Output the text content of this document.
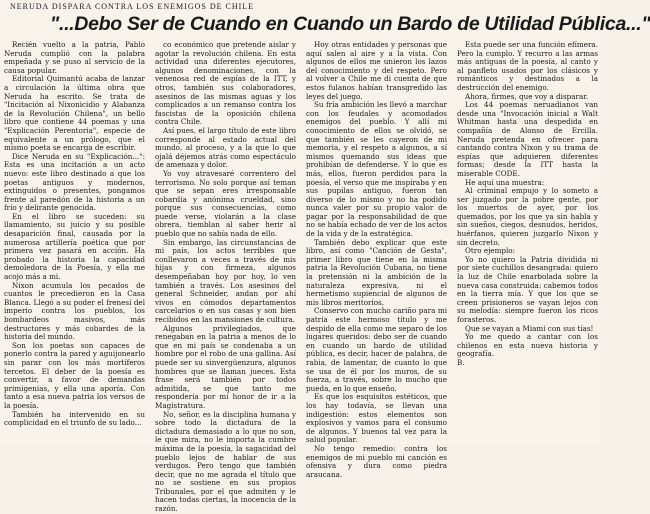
NERUDA DISPARA CONTRA LOS ENEMIGOS DE CHILE
"...Debo Ser de Cuando en Cuando un Bardo de Utilidad Pública..."

Recién vuelto a la patria, Pablo Neruda cumplió con la palabra empeñada y se puso al servicio de la causa popular.

Editorial Quimantú acaba de lanzar a circulación la última obra que Neruda ha escrito. Se trata de "Incitación al Nixonicidio y Alabanza de la Revolución Chilena", un bello libro que contiene 44 poemas y una "Explicación Perentoria", especie de equivalente a un prólogo, que el mismo poeta se encarga de escribir.

Dice Neruda en su "Explicación...": Esta es una incitación a un acto nuevo: este libro destinado a que los poetas antiguos y modernos, extinguidos o presentes, pongamos frente al paredón de la historia a un frío y delirante genocida.

En el libro se suceden: su llamamiento, su juicio y su posible desaparición final, causada por la numerosa artillería poética que por primera vez pasará en acción. Ha probado la historia la capacidad demoledora de la Poesía, y ella me acojo más a mi.

Nixon acumula los pecados de cuantos le precedieron en la Casa Blanca. Llegó a su poder el frenesí del imperio contra los pueblos, los bombardeos masivos, más destructores y más cobardes de la historia del mundo.

Son los poetas son capaces de ponerlo contra la pared y aguijonearlo sin parar con los más mortíferos tercetos. El deber de la poesía es convertir, a favor de demandas primigenias, y ella una aporía. Con tanto a esa nueva patria los versos de la poesía.

También ha intervenido en su complicidad en el triunfo de su lado...

co económico que pretende aislar y agotar la revolución chilena. En esta actividad una diferentes ejecutores, algunos denominaciones, con la venenosa red de espías de la ITT, y otros, también sus colaboradores, asesinos de las mismas aguas y los complicados a un remanso contra los fascistas de la oposición chilena contra Chile.

Así pues, el largo título de este libro corresponde al estado actual del mundo, al proceso, y a la que lo que ojalá déjemos atrás como espectáculo de amenaza y dolor.

Yo voy atravesaré correntero del terrorismo. No solo porque así teman que se sepan eres irresponsable cobardía y anónima crueldad, sino porque sus consecuencias, como puede verse, violarán a la clase obrera, tiemblan al saber herir al pueblo que no sabía nada de ello.

Sin embargo, las circunstancias de mi país, los actos terribles que conllevaron a veces a través de mis hijas y con firmeza, algunos desempeñaban hoy por hoy, lo ven también a través. Los asesinos del general Schneider, andan por ahí vivos en cómodos departamentos carcelarios o en sus casas y son bien recibidos en las mansiones de cultura.

Algunos privilegiados, que renegaban en la patria a menos de lo que en mi país se condenaba a un hombre por el robo de una gallina. Así puede ser su sinvergüenzura, algunos hombres que se llaman jueces. Esta frase será también por todos admitida, se que tanto me respondería por mi honor de ir a la Magistratura.

No, señor, es la disciplina humana y sobre todo la dictadura de la dictadura demasiado a lo que no son, le que mira, no le importa la cumbre máxima de la poesía, la sagacidad del pueblo lejos de hablar de sus verdugos. Pero tengo que también decir, que no me agrada el título que no se sostiene en sus propios Tribunales, por el que admiten y le hacen todas ciertas, la inocencia de la razón.

Hoy otras entidades y personas que aquí salen al aire y a la vista. Con algunos de ellos me unieron los lazos del conocimiento y del respeto. Pero al volver a Chile me di cuenta de que estos fulanos habían transgredido las leyes del juego.

Su fría ambición les llevó a marchar con los feudales y acomodados enemigos del pueblo. Y allí mi conocimiento de ellos se olvidó, se que también se les cayeron de mi memoria, y el respeto a algunos, a sí mismos quemando sus ideas que prohibían de defenderse. Y lo que es más, ellos, fueron perdidos para la poesía, el verso que me inspiraba y en sus pupilas antiguo, fueron tan diverso de lo mismo y no ha podido nunca valer por su propio valor de pagar por la responsabilidad de que no se había echado de ver de los actos de la vida y de la estratégica.

También debo explicar que este libro, así como "Canción de Gesta", primer libro que tiene en la misma patria la Revolución Cubana, no tiene la pretensión ni la ambición de la naturaleza expresiva, ni el hermetismo supiencial de algunos de mis libros meritorios.

Conservo con mucho cariño para mi patria este hermoso título y me despido de ella como me separo de los lugares queridos: debo ser de cuando en cuando un bardo de utilidad pública, es decir, hacer de palabra, de rabia, de lamentar, de cuanto lo que se usa de él por los muros, de su fuerza, a través, sobre lo mucho que pueda, en lo que enseño.

Es que los esquisitos estéticos, que los hay todavía, se llevan una indigestión: estos elementos son explosivos y vamos para el consumo de algunos. Y buenos tal vez para la salud popular.

No tengo remedio: contra los enemigos de mi pueblo mi canción es ofensiva y dura como piedra araucana.

Esta puede ser una función efímera. Pero la cumplo. Y recurro a las armas más antiguas de la poesía, al canto y al panfleto usados por los clásicos y románticos y destinados a la destrucción del enemigo.

Ahora, firmes, que voy a disparar.

Los 44 poemas neruadianos van desde una "Invocación inicial a Walt Whitman hasta una despedida en compañía de Alonso de Ercilla. Neruda pretenda en ofrecer para cantando contra Nixon y su trama de espías que adquieren diferentes formas; desde la ITT hasta la miserable CODE.

He aquí una muestra:

Al criminal empujo y lo someto a ser juzgado por la pobre gente, por los muertos de ayer, por los quemados, por los que ya sin habla y sin sueños, ciegos, desnudos, heridos, huérfanos, quieren juzgarlo Nixon y sin decreto.

Otro ejemplo:

Yo no quiero la Patria dividida ni por siete cuchillos desangrada: quiero la luz de Chile enarbolada sobre la nueva casa construida: cabemos todos en la tierra mía. Y que los que se creen prisioneros se vayan lejos con su melodía: siempre fueron los ricos forasteros.

Que se vayan a Miami con sus tías!

Yo me quedo a cantar con los chilenos en esta nueva historia y geografía.

B.
